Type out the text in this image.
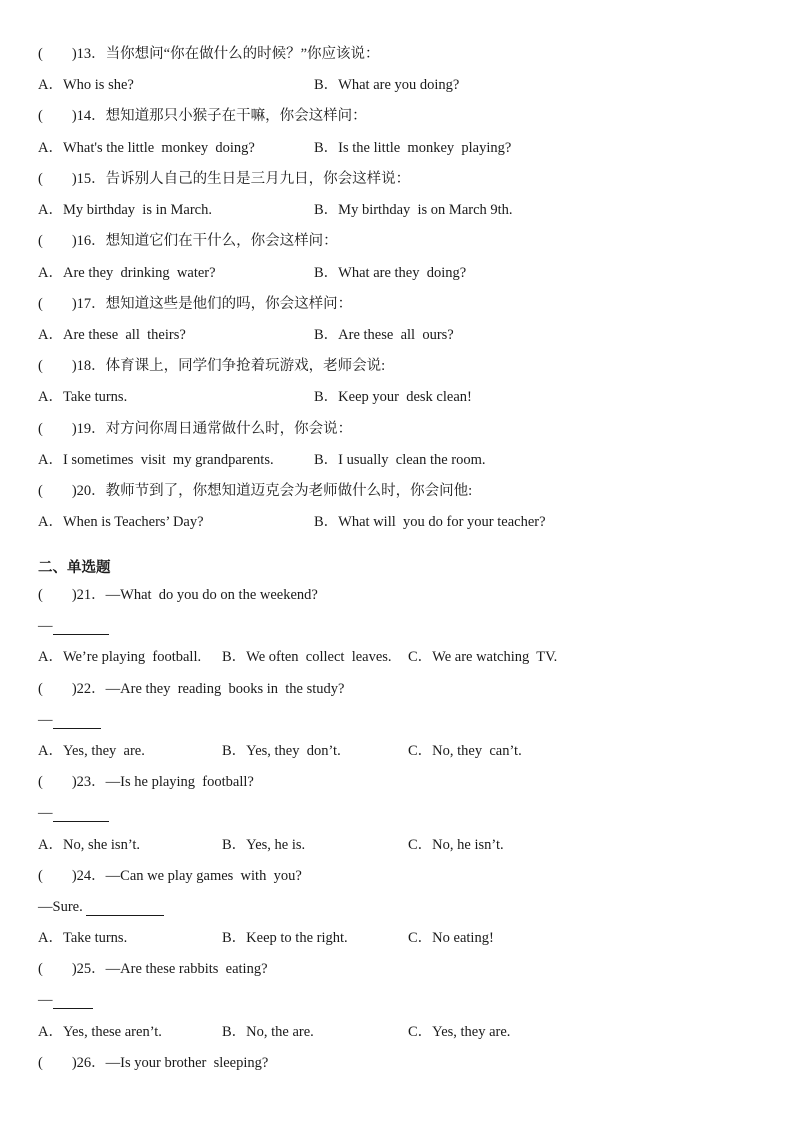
(　　)13．当你想问“你在做什么的时候？”你应该说：
A．Who is she?	B．What are you doing?
(　　)14．想知道那只小猴子在干嘛，你会这样问：
A．What's the little  monkey  doing?	B．Is the little  monkey  playing?
(　　)15．告诉别人自己的生日是三月九日，你会这样说：
A．My birthday  is in March.	B．My birthday  is on March 9th.
(　　)16．想知道它们在干什么，你会这样问：
A．Are they  drinking  water?	B．What are they  doing?
(　　)17．想知道这些是他们的吗，你会这样问：
A．Are these  all  theirs?	B．Are these  all  ours?
(　　)18．体育课上，同学们争抢着玩游戏，老师会说:
A．Take turns.	B．Keep your  desk clean!
(　　)19．对方问你周日通常做什么时，你会说：
A．I sometimes  visit  my grandparents.	B．I usually  clean the room.
(　　)20．教师节到了，你想知道迈克会为老师做什么时，你会问他:
A．When is Teachers’ Day?	B．What will  you do for your teacher?
二、单选题
(　　)21．—What  do you do on the weekend?
—
A．We’re playing  football. B．We often  collect  leaves. C．We are watching  TV.
(　　)22．—Are they  reading  books in  the study?
—
A．Yes, they  are.	B．Yes, they  don’t.	C．No, they  can’t.
(　　)23．—Is he playing  football?
—
A．No, she isn’t.	B．Yes, he is.	C．No, he isn’t.
(　　)24．—Can we play games  with  you?
—Sure.
A．Take turns.	B．Keep to the right.	C．No eating!
(　　)25．—Are these rabbits  eating?
—
A．Yes, these aren’t.	B．No, the are.	C．Yes, they are.
(　　)26．—Is your brother  sleeping?
